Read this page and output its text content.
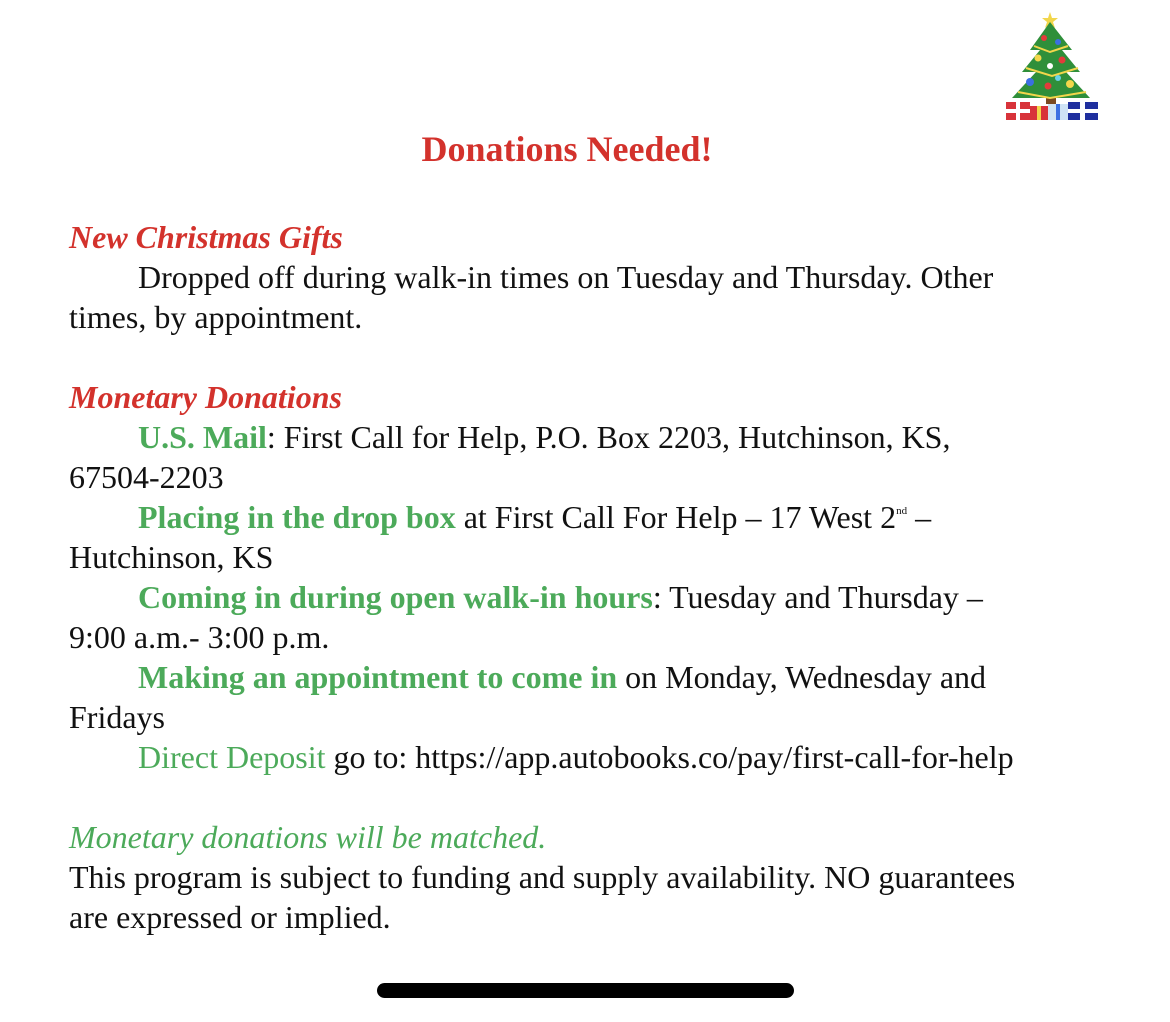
Donations Needed!
New Christmas Gifts
Dropped off during walk-in times on Tuesday and Thursday. Other
times, by appointment.
Monetary Donations
U.S. Mail: First Call for Help, P.O. Box 2203, Hutchinson, KS,
67504-2203
Placing in the drop box at First Call For Help – 17 West 2nd –
Hutchinson, KS
Coming in during open walk-in hours: Tuesday and Thursday –
9:00 a.m.- 3:00 p.m.
Making an appointment to come in on Monday, Wednesday and
Fridays
Direct Deposit go to: https://app.autobooks.co/pay/first-call-for-help
Monetary donations will be matched.
This program is subject to funding and supply availability. NO guarantees
are expressed or implied.
